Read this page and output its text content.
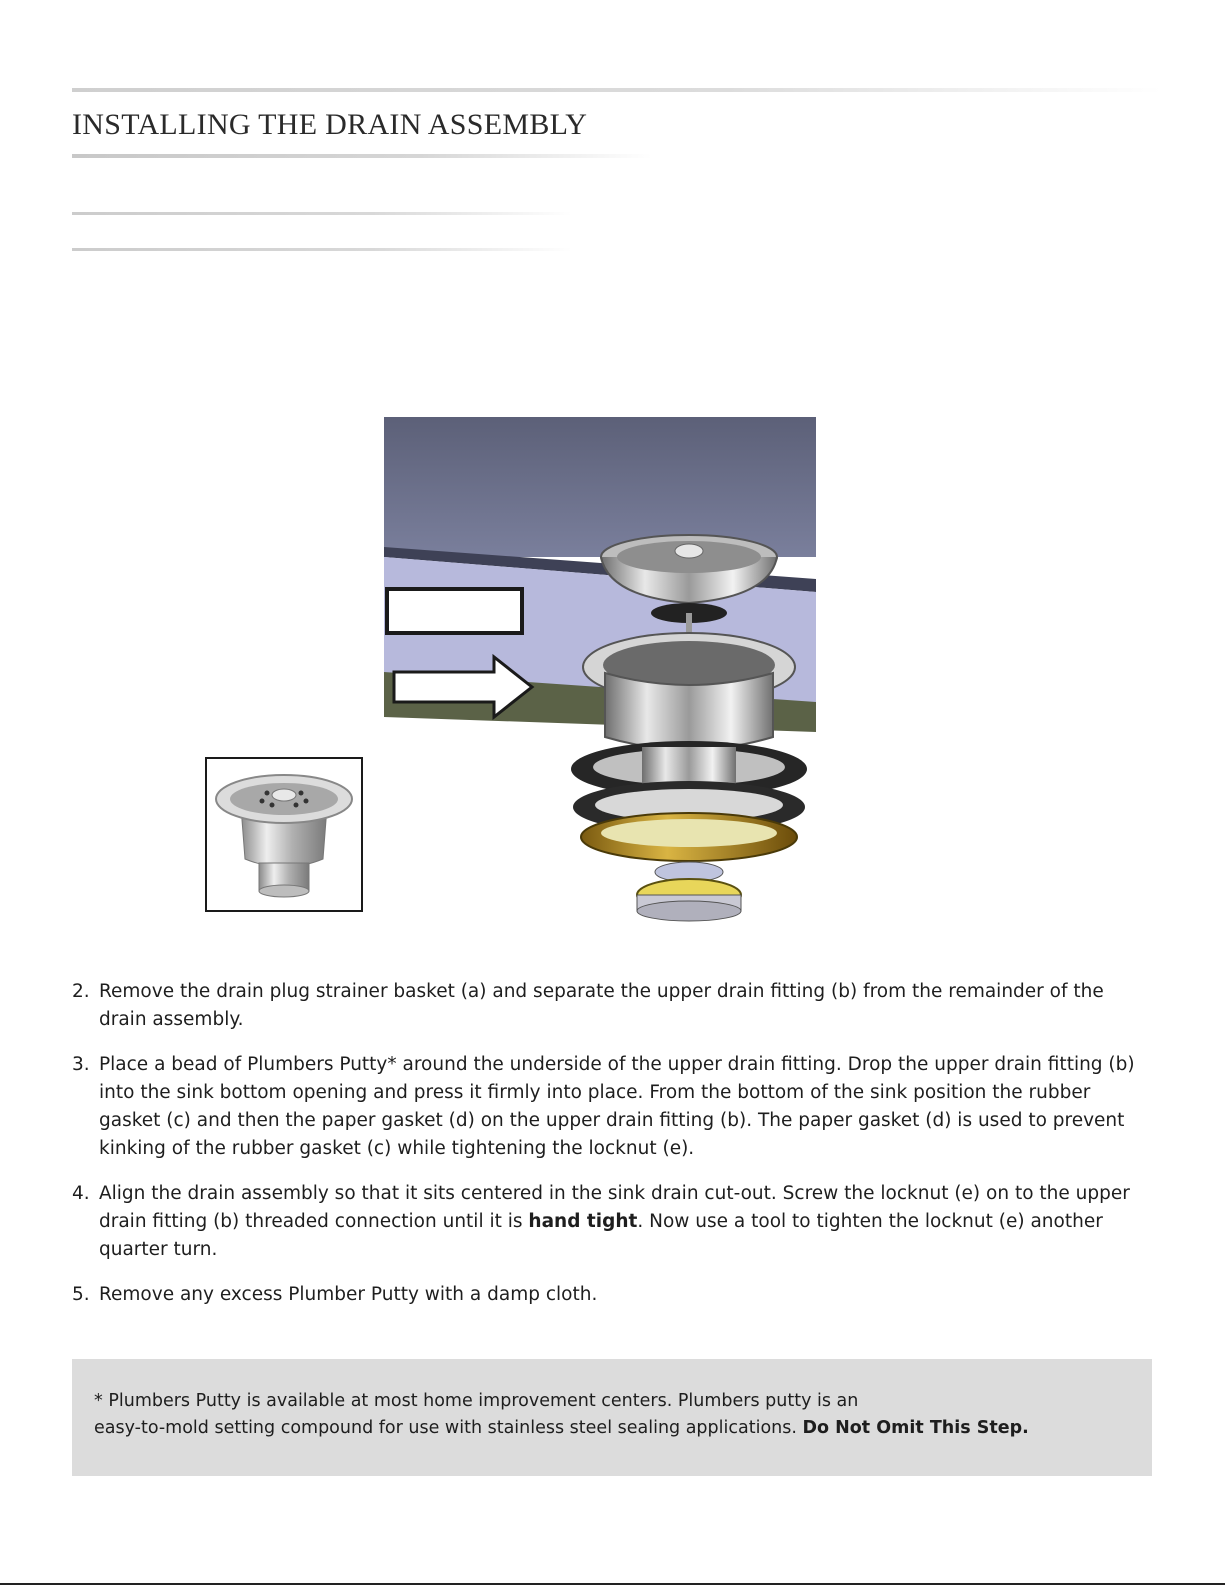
INSTALLING THE DRAIN ASSEMBLY
2. Remove the drain plug strainer basket (a) and separate the upper drain fitting (b) from the remainder of the drain assembly.
3. Place a bead of Plumbers Putty* around the underside of the upper drain fitting. Drop the upper drain fitting (b) into the sink bottom opening and press it firmly into place. From the bottom of the sink position the rubber gasket (c) and then the paper gasket (d) on the upper drain fitting (b). The paper gasket (d) is used to prevent kinking of the rubber gasket (c) while tightening the locknut (e).
4. Align the drain assembly so that it sits centered in the sink drain cut-out. Screw the locknut (e) on to the upper drain fitting (b) threaded connection until it is hand tight. Now use a tool to tighten the locknut (e) another quarter turn.
5. Remove any excess Plumber Putty with a damp cloth.
* Plumbers Putty is available at most home improvement centers. Plumbers putty is an
easy-to-mold setting compound for use with stainless steel sealing applications. Do Not Omit This Step.
